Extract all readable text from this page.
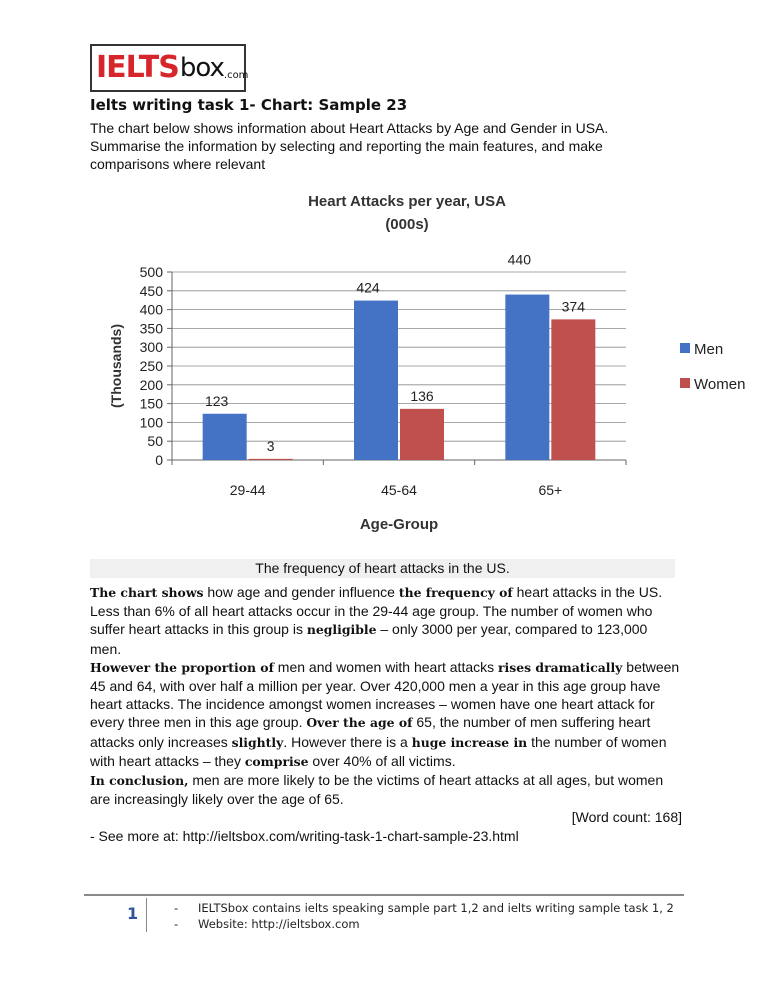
IELTS box .com
Ielts writing task 1- Chart: Sample 23
The chart below shows information about Heart Attacks by Age and Gender in USA. Summarise the information by selecting and reporting the main features, and make comparisons where relevant
Heart Attacks per year, USA
(000s)
0
50
100
150
200
250
300
350
400
450
500
123
3
29-44
424
136
45-64
440
374
65+
Age-Group
(Thousands)	Men
Women
The frequency of heart attacks in the US.

The chart shows how age and gender influence the frequency of heart attacks in the US. Less than 6% of all heart attacks occur in the 29-44 age group. The number of women who suffer heart attacks in this group is negligible – only 3000 per year, compared to 123,000 men.

However the proportion of men and women with heart attacks rises dramatically between 45 and 64, with over half a million per year. Over 420,000 men a year in this age group have heart attacks. The incidence amongst women increases – women have one heart attack for every three men in this age group. Over the age of 65, the number of men suffering heart attacks only increases slightly. However there is a huge increase in the number of women with heart attacks – they comprise over 40% of all victims.

In conclusion, men are more likely to be the victims of heart attacks at all ages, but women are increasingly likely over the age of 65.

[Word count: 168]

- See more at: http://ieltsbox.com/writing-task-1-chart-sample-23.html

1	- IELTSbox contains ielts speaking sample part 1,2 and ielts writing sample task 1, 2
- Website: http://ieltsbox.com
